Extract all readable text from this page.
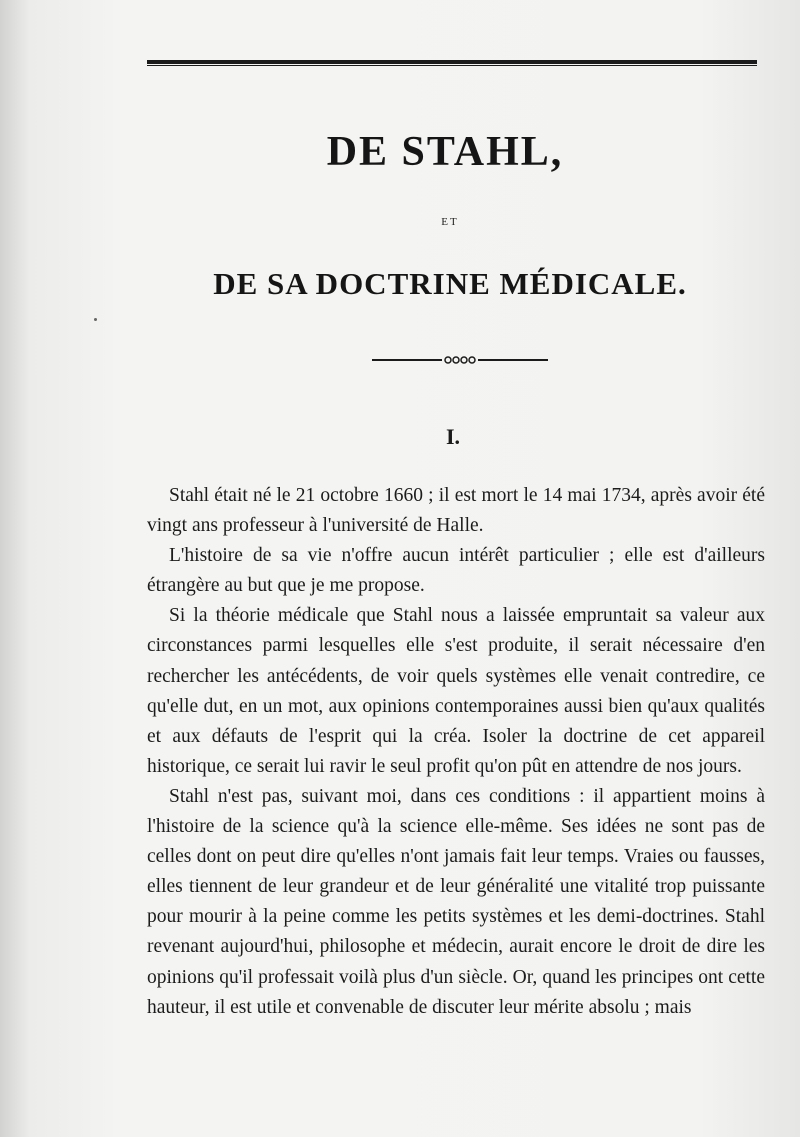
DE STAHL,
ET
DE SA DOCTRINE MÉDICALE.
I.

Stahl était né le 21 octobre 1660 ; il est mort le 14 mai 1734, après avoir été vingt ans professeur à l'université de Halle.

L'histoire de sa vie n'offre aucun intérêt particulier ; elle est d'ailleurs étrangère au but que je me propose.

Si la théorie médicale que Stahl nous a laissée empruntait sa valeur aux circonstances parmi lesquelles elle s'est produite, il serait nécessaire d'en rechercher les antécédents, de voir quels systèmes elle venait contredire, ce qu'elle dut, en un mot, aux opinions contemporaines aussi bien qu'aux qualités et aux défauts de l'esprit qui la créa. Isoler la doctrine de cet appareil historique, ce serait lui ravir le seul profit qu'on pût en attendre de nos jours.

Stahl n'est pas, suivant moi, dans ces conditions : il appartient moins à l'histoire de la science qu'à la science elle-même. Ses idées ne sont pas de celles dont on peut dire qu'elles n'ont jamais fait leur temps. Vraies ou fausses, elles tiennent de leur grandeur et de leur généralité une vitalité trop puissante pour mourir à la peine comme les petits systèmes et les demi-doctrines. Stahl revenant aujourd'hui, philosophe et médecin, aurait encore le droit de dire les opinions qu'il professait voilà plus d'un siècle. Or, quand les principes ont cette hauteur, il est utile et convenable de discuter leur mérite absolu ; mais
